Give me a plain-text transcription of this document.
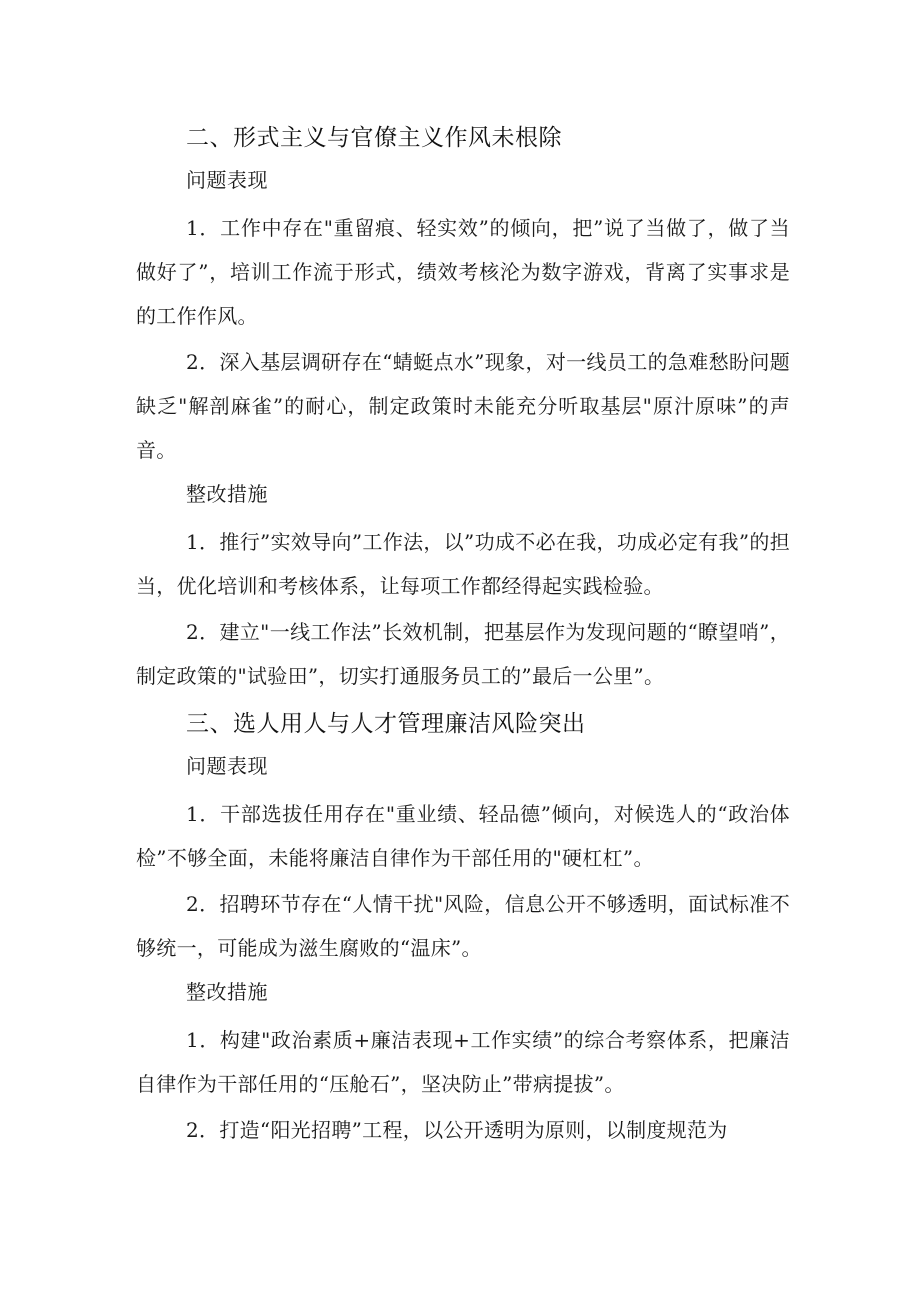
二、形式主义与官僚主义作风未根除
问题表现

1．工作中存在"重留痕、轻实效”的倾向，把”说了当做了，做了当做好了”，培训工作流于形式，绩效考核沦为数字游戏，背离了实事求是的工作作风。

2．深入基层调研存在“蜻蜓点水”现象，对一线员工的急难愁盼问题缺乏"解剖麻雀”的耐心，制定政策时未能充分听取基层"原汁原味”的声音。

整改措施

1．推行”实效导向”工作法，以”功成不必在我，功成必定有我”的担当，优化培训和考核体系，让每项工作都经得起实践检验。

2．建立"一线工作法”长效机制，把基层作为发现问题的“瞭望哨”，制定政策的"试验田”，切实打通服务员工的”最后一公里”。

三、选人用人与人才管理廉洁风险突出
问题表现

1．干部选拔任用存在"重业绩、轻品德”倾向，对候选人的“政治体检”不够全面，未能将廉洁自律作为干部任用的"硬杠杠”。

2．招聘环节存在“人情干扰"风险，信息公开不够透明，面试标准不够统一，可能成为滋生腐败的“温床”。

整改措施

1．构建"政治素质+廉洁表现+工作实绩”的综合考察体系，把廉洁自律作为干部任用的“压舱石”，坚决防止”带病提拔”。

2．打造“阳光招聘”工程，以公开透明为原则，以制度规范为
